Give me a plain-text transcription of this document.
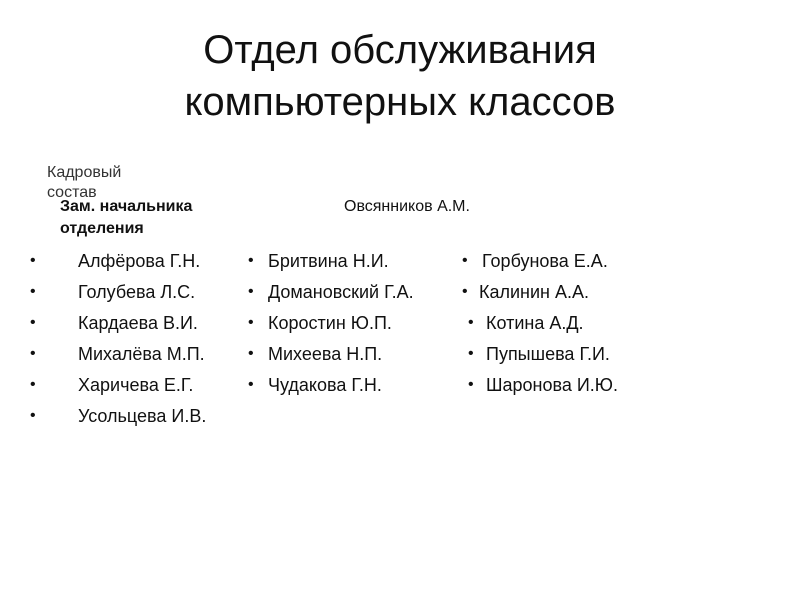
Отдел обслуживания
компьютерных классов
Кадровый состав
Зам. начальника отделения
Овсянников А.М.
• Алфёрова Г.Н.
• Голубева Л.С.
• Кардаева В.И.
• Михалёва М.П.
• Харичева Е.Г.
• Усольцева И.В.
• Бритвина Н.И.
• Домановский Г.А.
• Коростин Ю.П.
• Михеева Н.П.
• Чудакова Г.Н.
• Горбунова Е.А.
• Калинин А.А.
• Котина А.Д.
• Пупышева Г.И.
• Шаронова И.Ю.
